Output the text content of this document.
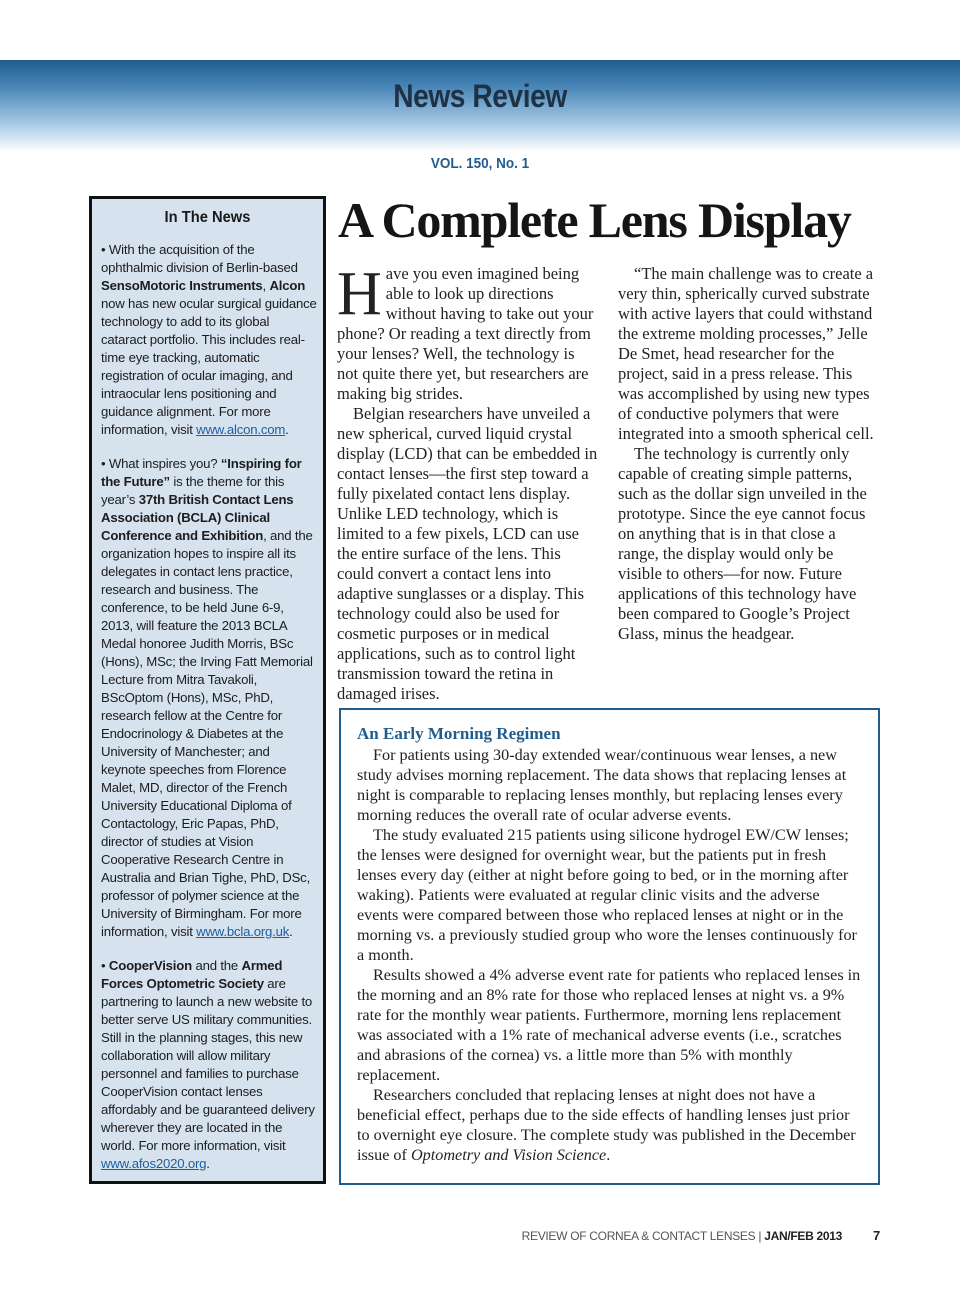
News Review
VOL. 150, No. 1
In The News
• With the acquisition of the ophthalmic division of Berlin-based SensoMotoric Instruments, Alcon now has new ocular surgical guidance technology to add to its global cataract portfolio. This includes real-time eye tracking, automatic registration of ocular imaging, and intraocular lens positioning and guidance alignment. For more information, visit www.alcon.com.
• What inspires you? “Inspiring for the Future” is the theme for this year’s 37th British Contact Lens Association (BCLA) Clinical Conference and Exhibition, and the organization hopes to inspire all its delegates in contact lens practice, research and business. The conference, to be held June 6-9, 2013, will feature the 2013 BCLA Medal honoree Judith Morris, BSc (Hons), MSc; the Irving Fatt Memorial Lecture from Mitra Tavakoli, BScOptom (Hons), MSc, PhD, research fellow at the Centre for Endocrinology & Diabetes at the University of Manchester; and keynote speeches from Florence Malet, MD, director of the French University Educational Diploma of Contactology, Eric Papas, PhD, director of studies at Vision Cooperative Research Centre in Australia and Brian Tighe, PhD, DSc, professor of polymer science at the University of Birmingham. For more information, visit www.bcla.org.uk.
• CooperVision and the Armed Forces Optometric Society are partnering to launch a new website to better serve US military communities. Still in the planning stages, this new collaboration will allow military personnel and families to purchase CooperVision contact lenses affordably and be guaranteed delivery wherever they are located in the world. For more information, visit www.afos2020.org.
A Complete Lens Display

Have you even imagined being able to look up directions without having to take out your phone? Or reading a text directly from your lenses? Well, the technology is not quite there yet, but researchers are making big strides.

Belgian researchers have unveiled a new spherical, curved liquid crystal display (LCD) that can be embedded in contact lenses—the first step toward a fully pixelated contact lens display. Unlike LED technology, which is limited to a few pixels, LCD can use the entire surface of the lens. This could convert a contact lens into adaptive sunglasses or a display. This technology could also be used for cosmetic purposes or in medical applications, such as to control light transmission toward the retina in damaged irises.

“The main challenge was to create a very thin, spherically curved substrate with active layers that could withstand the extreme molding processes,” Jelle De Smet, head researcher for the project, said in a press release. This was accomplished by using new types of conductive polymers that were integrated into a smooth spherical cell.

The technology is currently only capable of creating simple patterns, such as the dollar sign unveiled in the prototype. Since the eye cannot focus on anything that is in that close a range, the display would only be visible to others—for now. Future applications of this technology have been compared to Google’s Project Glass, minus the headgear.

An Early Morning Regimen

For patients using 30-day extended wear/continuous wear lenses, a new study advises morning replacement. The data shows that replacing lenses at night is comparable to replacing lenses monthly, but replacing lenses every morning reduces the overall rate of ocular adverse events.

The study evaluated 215 patients using silicone hydrogel EW/CW lenses; the lenses were designed for overnight wear, but the patients put in fresh lenses every day (either at night before going to bed, or in the morning after waking). Patients were evaluated at regular clinic visits and the adverse events were compared between those who replaced lenses at night or in the morning vs. a previously studied group who wore the lenses continuously for a month.

Results showed a 4% adverse event rate for patients who replaced lenses in the morning and an 8% rate for those who replaced lenses at night vs. a 9% rate for the monthly wear patients. Furthermore, morning lens replacement was associated with a 1% rate of mechanical adverse events (i.e., scratches and abrasions of the cornea) vs. a little more than 5% with monthly replacement.

Researchers concluded that replacing lenses at night does not have a beneficial effect, perhaps due to the side effects of handling lenses just prior to overnight eye closure. The complete study was published in the December issue of Optometry and Vision Science.

REVIEW OF CORNEA & CONTACT LENSES | JAN/FEB 2013 7
